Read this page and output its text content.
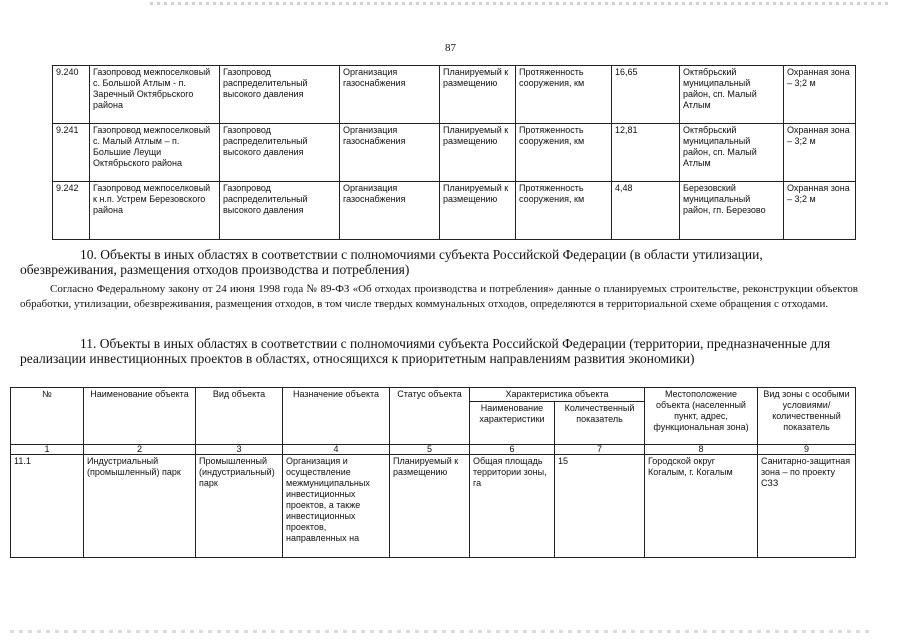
87
9.240	Газопровод межпоселковый с. Большой Атлым - п. Заречный Октябрьского района	Газопровод распределительный высокого давления	Организация газоснабжения	Планируемый к размещению	Протяженность сооружения, км	16,65	Октябрьский муниципальный район, сп. Малый Атлым	Охранная зона – 3;2 м
9.241	Газопровод межпоселковый с. Малый Атлым – п. Большие Леущи Октябрьского района	Газопровод распределительный высокого давления	Организация газоснабжения	Планируемый к размещению	Протяженность сооружения, км	12,81	Октябрьский муниципальный район, сп. Малый Атлым	Охранная зона – 3;2 м
9.242	Газопровод межпоселковый к н.п. Устрем Березовского района	Газопровод распределительный высокого давления	Организация газоснабжения	Планируемый к размещению	Протяженность сооружения, км	4,48	Березовский муниципальный район, гп. Березово	Охранная зона – 3;2 м
10. Объекты в иных областях в соответствии с полномочиями субъекта Российской Федерации (в области утилизации, обезвреживания, размещения отходов производства и потребления)
Согласно Федеральному закону от 24 июня 1998 года № 89-ФЗ «Об отходах производства и потребления» данные о планируемых строительстве, реконструкции объектов обработки, утилизации, обезвреживания, размещения отходов, в том числе твердых коммунальных отходов, определяются в территориальной схеме обращения с отходами.
11. Объекты в иных областях в соответствии с полномочиями субъекта Российской Федерации (территории, предназначенные для реализации инвестиционных проектов в областях, относящихся к приоритетным направлениям развития экономики)
№	Наименование объекта	Вид объекта	Назначение объекта	Статус объекта	Характеристика объекта		Местоположение объекта (населенный пункт, адрес, функциональная зона)	Вид зоны с особыми условиями/ количественный показатель
					Наименование характеристики	Количественный показатель		
1	2	3	4	5	6	7	8	9
11.1	Индустриальный (промышленный) парк	Промышленный (индустриальный) парк	Организация и осуществление межмуниципальных инвестиционных проектов, а также инвестиционных проектов, направленных на	Планируемый к размещению	Общая площадь территории зоны, га	15	Городской округ Когалым, г. Когалым	Санитарно-защитная зона – по проекту СЗЗ
